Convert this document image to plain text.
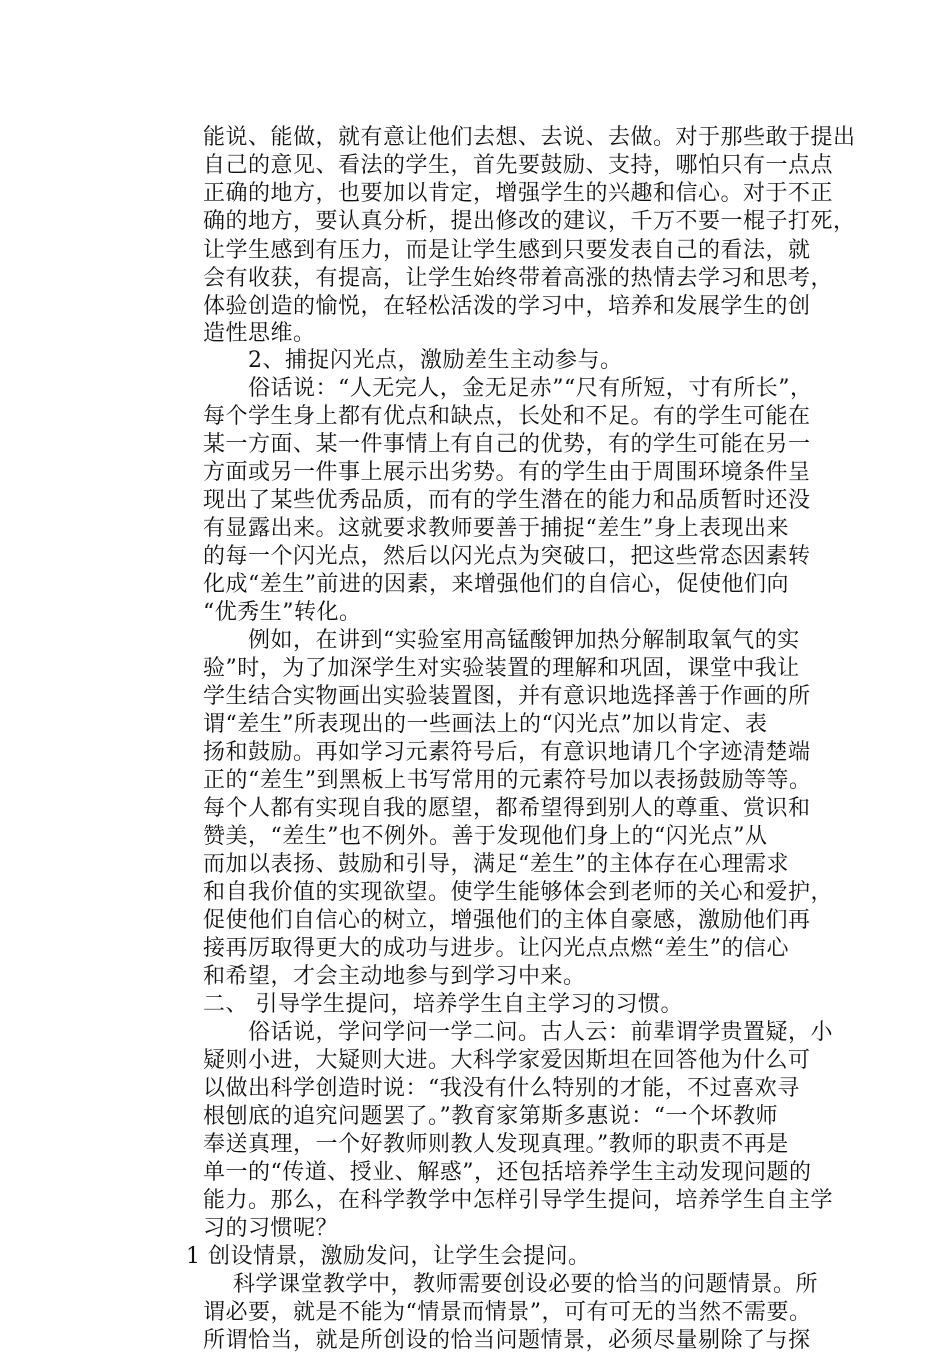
能说、能做，就有意让他们去想、去说、去做。对于那些敢于提出
自己的意见、看法的学生，首先要鼓励、支持，哪怕只有一点点
正确的地方，也要加以肯定，增强学生的兴趣和信心。对于不正
确的地方，要认真分析，提出修改的建议，千万不要一棍子打死，
让学生感到有压力，而是让学生感到只要发表自己的看法，就
会有收获，有提高，让学生始终带着高涨的热情去学习和思考，
体验创造的愉悦，在轻松活泼的学习中，培养和发展学生的创
造性思维。
2、捕捉闪光点，激励差生主动参与。
俗话说：“人无完人，金无足赤”“尺有所短，寸有所长”，
每个学生身上都有优点和缺点，长处和不足。有的学生可能在
某一方面、某一件事情上有自己的优势，有的学生可能在另一
方面或另一件事上展示出劣势。有的学生由于周围环境条件呈
现出了某些优秀品质，而有的学生潜在的能力和品质暂时还没
有显露出来。这就要求教师要善于捕捉“差生”身上表现出来
的每一个闪光点，然后以闪光点为突破口，把这些常态因素转
化成“差生”前进的因素，来增强他们的自信心，促使他们向
“优秀生”转化。
例如，在讲到“实验室用高锰酸钾加热分解制取氧气的实
验”时，为了加深学生对实验装置的理解和巩固，课堂中我让
学生结合实物画出实验装置图，并有意识地选择善于作画的所
谓“差生”所表现出的一些画法上的“闪光点”加以肯定、表
扬和鼓励。再如学习元素符号后，有意识地请几个字迹清楚端
正的“差生”到黑板上书写常用的元素符号加以表扬鼓励等等。
每个人都有实现自我的愿望，都希望得到别人的尊重、赏识和
赞美，“差生”也不例外。善于发现他们身上的“闪光点”从
而加以表扬、鼓励和引导，满足“差生”的主体存在心理需求
和自我价值的实现欲望。使学生能够体会到老师的关心和爱护，
促使他们自信心的树立，增强他们的主体自豪感，激励他们再
接再厉取得更大的成功与进步。让闪光点点燃“差生”的信心
和希望，才会主动地参与到学习中来。
二、 引导学生提问，培养学生自主学习的习惯。
俗话说，学问学问一学二问。古人云：前辈谓学贵置疑，小
疑则小进，大疑则大进。大科学家爱因斯坦在回答他为什么可
以做出科学创造时说：“我没有什么特别的才能，不过喜欢寻
根刨底的追究问题罢了。”教育家第斯多惠说：“一个坏教师
奉送真理，一个好教师则教人发现真理。”教师的职责不再是
单一的“传道、授业、解惑”，还包括培养学生主动发现问题的
能力。那么，在科学教学中怎样引导学生提问，培养学生自主学
习的习惯呢？
1 创设情景，激励发问，让学生会提问。
科学课堂教学中，教师需要创设必要的恰当的问题情景。所
谓必要，就是不能为“情景而情景”，可有可无的当然不需要。
所谓恰当，就是所创设的恰当问题情景，必须尽量剔除了与探
